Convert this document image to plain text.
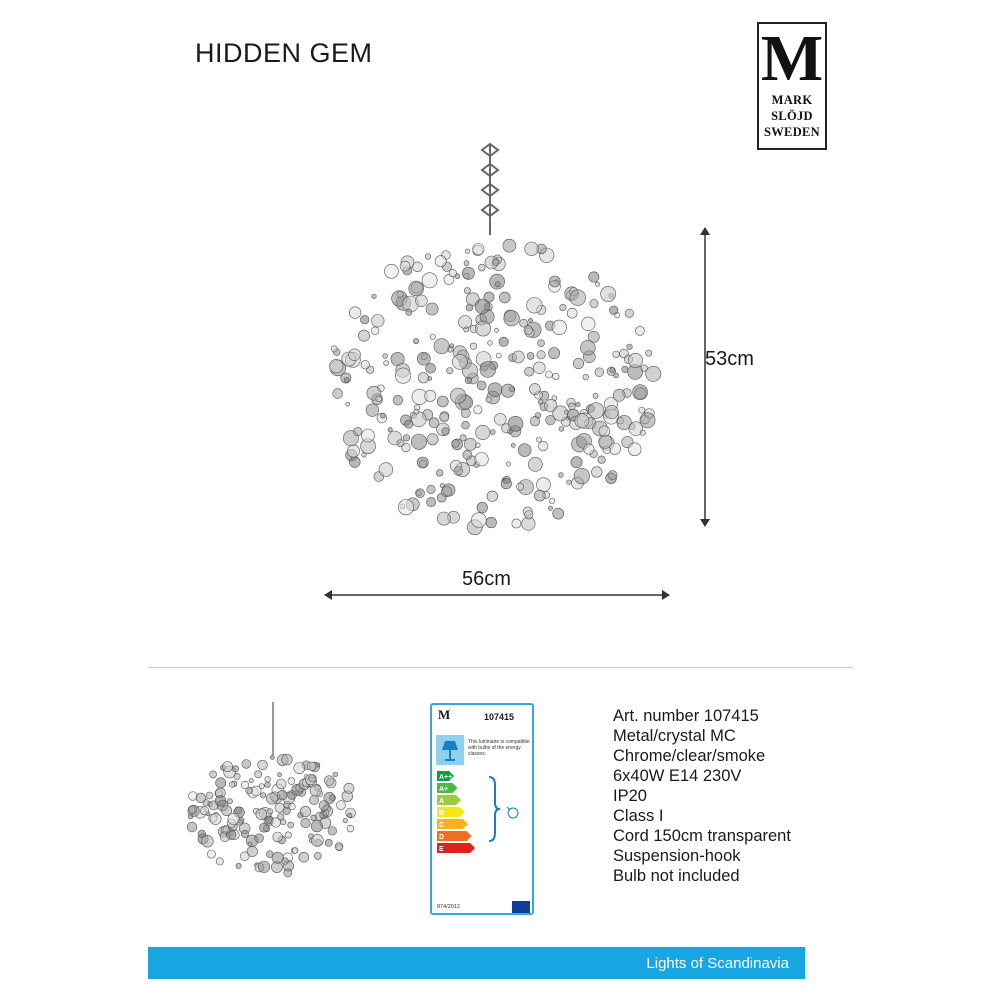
HIDDEN GEM	M
MARK
SLÖJD
SWEDEN
53cm
56cm
M	107415
This luminaire is compatible with bulbs of the energy classes:
A++
A+
A
B
C
D
E
874/2012
Art. number 107415
Metal/crystal MC
Chrome/clear/smoke
6x40W E14 230V
IP20
Class I
Cord 150cm transparent
Suspension-hook
Bulb not included
Lights of Scandinavia
